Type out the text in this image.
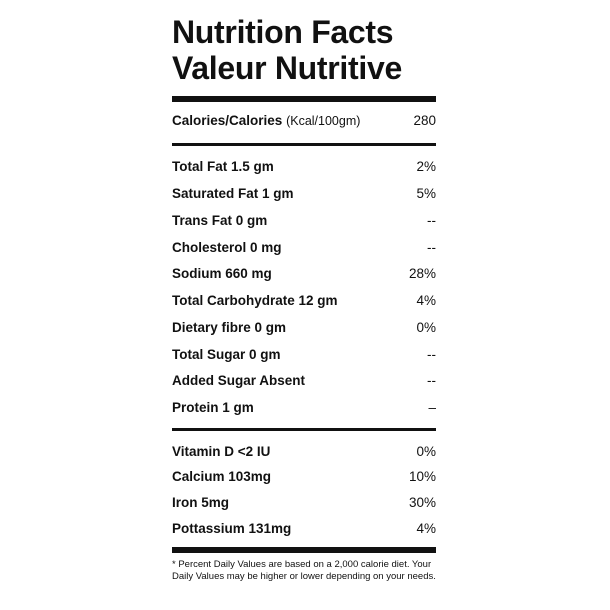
Nutrition Facts
Valeur Nutritive
Calories/Calories (Kcal/100gm)	280
Total Fat 1.5 gm	2%
Saturated Fat 1 gm	5%
Trans Fat 0 gm	--
Cholesterol 0 mg	--
Sodium 660 mg	28%
Total Carbohydrate 12 gm	4%
Dietary fibre 0 gm	0%
Total Sugar 0 gm	--
Added Sugar Absent	--
Protein 1 gm	–
Vitamin D <2 IU	0%
Calcium 103mg	10%
Iron 5mg	30%
Pottassium 131mg	4%
* Percent Daily Values are based on a 2,000 calorie diet. Your Daily Values may be higher or lower depending on your needs.
